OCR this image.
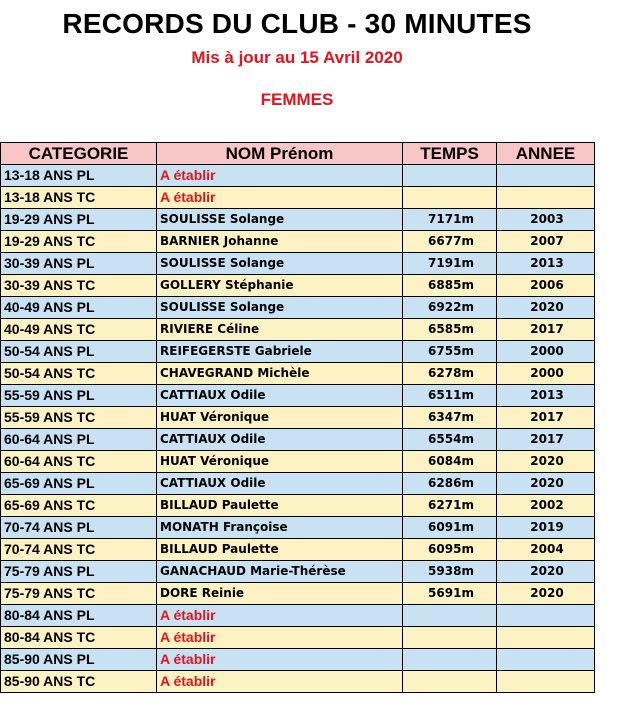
RECORDS DU CLUB - 30 MINUTES
Mis à jour au 15 Avril 2020
FEMMES
CATEGORIE	NOM Prénom	TEMPS	ANNEE
13-18 ANS PL	A établir		
13-18 ANS TC	A établir		
19-29 ANS PL	SOULISSE Solange	7171m	2003
19-29 ANS TC	BARNIER Johanne	6677m	2007
30-39 ANS PL	SOULISSE Solange	7191m	2013
30-39 ANS TC	GOLLERY Stéphanie	6885m	2006
40-49 ANS PL	SOULISSE Solange	6922m	2020
40-49 ANS TC	RIVIERE Céline	6585m	2017
50-54 ANS PL	REIFEGERSTE Gabriele	6755m	2000
50-54 ANS TC	CHAVEGRAND Michèle	6278m	2000
55-59 ANS PL	CATTIAUX Odile	6511m	2013
55-59 ANS TC	HUAT Véronique	6347m	2017
60-64 ANS PL	CATTIAUX Odile	6554m	2017
60-64 ANS TC	HUAT Véronique	6084m	2020
65-69 ANS PL	CATTIAUX Odile	6286m	2020
65-69 ANS TC	BILLAUD Paulette	6271m	2002
70-74 ANS PL	MONATH Françoise	6091m	2019
70-74 ANS TC	BILLAUD Paulette	6095m	2004
75-79 ANS PL	GANACHAUD Marie-Thérèse	5938m	2020
75-79 ANS TC	DORE Reinie	5691m	2020
80-84 ANS PL	A établir		
80-84 ANS TC	A établir		
85-90 ANS PL	A établir		
85-90 ANS TC	A établir		
